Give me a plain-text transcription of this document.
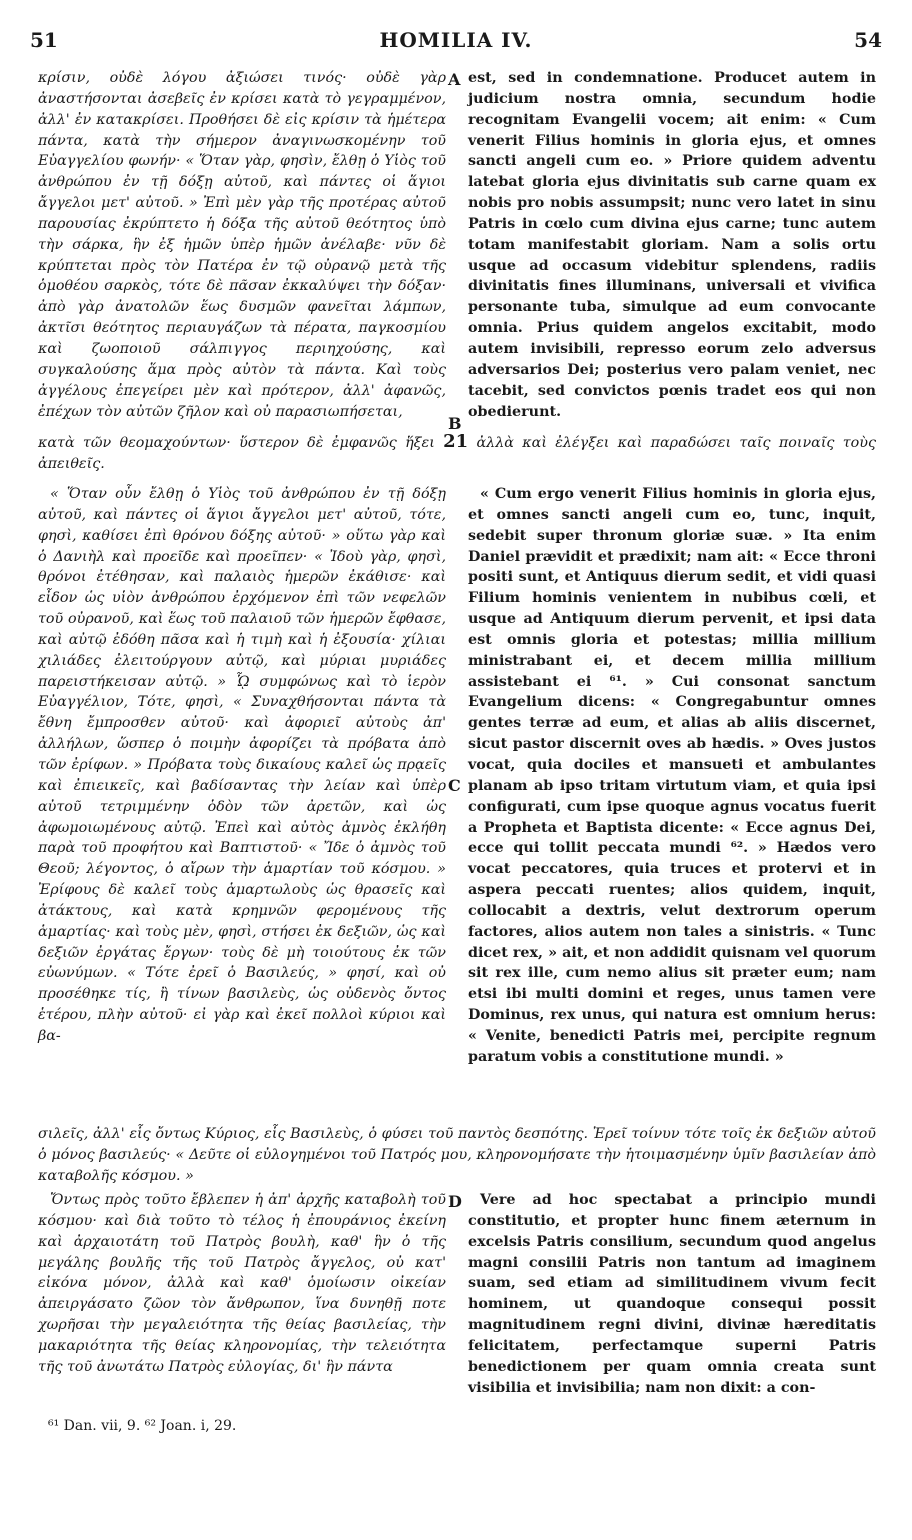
51	HOMILIA IV.	54

κρίσιν, οὐδὲ λόγου ἀξιώσει τινός· οὐδὲ γὰρ ἀναστήσονται ἀσεβεῖς ἐν κρίσει κατὰ τὸ γεγραμμένον, ἀλλ' ἐν κατακρίσει. Προθήσει δὲ εἰς κρίσιν τὰ ἡμέτερα πάντα, κατὰ τὴν σήμερον ἀναγινωσκομένην τοῦ Εὐαγγελίου φωνήν· « Ὅταν γὰρ, φησὶν, ἔλθῃ ὁ Υἱὸς τοῦ ἀνθρώπου ἐν τῇ δόξῃ αὐτοῦ, καὶ πάντες οἱ ἅγιοι ἄγγελοι μετ' αὐτοῦ. » Ἐπὶ μὲν γὰρ τῆς προτέρας αὐτοῦ παρουσίας ἐκρύπτετο ἡ δόξα τῆς αὐτοῦ θεότητος ὑπὸ τὴν σάρκα, ἣν ἐξ ἡμῶν ὑπὲρ ἡμῶν ἀνέλαβε· νῦν δὲ κρύπτεται πρὸς τὸν Πατέρα ἐν τῷ οὐρανῷ μετὰ τῆς ὁμοθέου σαρκὸς, τότε δὲ πᾶσαν ἐκκαλύψει τὴν δόξαν· ἀπὸ γὰρ ἀνατολῶν ἕως δυσμῶν φανεῖται λάμπων, ἀκτῖσι θεότητος περιαυγάζων τὰ πέρατα, παγκοσμίου καὶ ζωοποιοῦ σάλπιγγος περιηχούσης, καὶ συγκαλούσης ἅμα πρὸς αὐτὸν τὰ πάντα. Καὶ τοὺς ἀγγέλους ἐπεγείρει μὲν καὶ πρότερον, ἀλλ' ἀφανῶς, ἐπέχων τὸν αὐτῶν ζῆλον καὶ οὐ παρασιωπήσεται,

A est, sed in condemnatione. Producet autem in judicium nostra omnia, secundum hodie recognitam Evangelii vocem; ait enim: « Cum venerit Filius hominis in gloria ejus, et omnes sancti angeli cum eo. » Priore quidem adventu latebat gloria ejus divinitatis sub carne quam ex nobis pro nobis assumpsit; nunc vero latet in sinu Patris in cœlo cum divina ejus carne; tunc autem totam manifestabit gloriam. Nam a solis ortu usque ad occasum videbitur splendens, radiis divinitatis fines illuminans, universali et vivifica personante tuba, simulque ad eum convocante omnia. Prius quidem angelos excitabit, modo autem invisibili, represso eorum zelo adversus adversarios Dei; posterius vero palam veniet, nec tacebit, sed convictos pœnis tradet eos qui non obedierunt.

B
κατὰ τῶν θεομαχούντων· ὕστερον δὲ ἐμφανῶς ἥξει 21 ἀλλὰ καὶ ἐλέγξει καὶ παραδώσει ταῖς ποιναῖς τοὺς ἀπειθεῖς.

« Ὅταν οὖν ἔλθῃ ὁ Υἱὸς τοῦ ἀνθρώπου ἐν τῇ δόξῃ αὐτοῦ, καὶ πάντες οἱ ἅγιοι ἄγγελοι μετ' αὐτοῦ, τότε, φησὶ, καθίσει ἐπὶ θρόνου δόξης αὐτοῦ· » οὕτω γὰρ καὶ ὁ Δανιὴλ καὶ προεῖδε καὶ προεῖπεν· « Ἰδοὺ γὰρ, φησὶ, θρόνοι ἐτέθησαν, καὶ παλαιὸς ἡμερῶν ἐκάθισε· καὶ εἶδον ὡς υἱὸν ἀνθρώπου ἐρχόμενον ἐπὶ τῶν νεφελῶν τοῦ οὐρανοῦ, καὶ ἕως τοῦ παλαιοῦ τῶν ἡμερῶν ἔφθασε, καὶ αὐτῷ ἐδόθη πᾶσα καὶ ἡ τιμὴ καὶ ἡ ἐξουσία· χίλιαι χιλιάδες ἐλειτούργουν αὐτῷ, καὶ μύριαι μυριάδες παρειστήκεισαν αὐτῷ. » ᾯ συμφώνως καὶ τὸ ἱερὸν Εὐαγγέλιον, Τότε, φησὶ, « Συναχθήσονται πάντα τὰ ἔθνη ἔμπροσθεν αὐτοῦ· καὶ ἀφοριεῖ αὐτοὺς ἀπ' ἀλλήλων, ὥσπερ ὁ ποιμὴν ἀφορίζει τὰ πρόβατα ἀπὸ τῶν ἐρίφων. » Πρόβατα τοὺς δικαίους καλεῖ ὡς πρᾳεῖς καὶ ἐπιεικεῖς, καὶ βαδίσαντας τὴν λείαν καὶ ὑπὲρ αὐτοῦ τετριμμένην ὁδὸν τῶν ἀρετῶν, καὶ ὡς ἀφωμοιωμένους αὐτῷ. Ἐπεὶ καὶ αὐτὸς ἀμνὸς ἐκλήθη παρὰ τοῦ προφήτου καὶ Βαπτιστοῦ· « Ἴδε ὁ ἀμνὸς τοῦ Θεοῦ; λέγοντος, ὁ αἴρων τὴν ἁμαρτίαν τοῦ κόσμου. » Ἐρίφους δὲ καλεῖ τοὺς ἁμαρτωλοὺς ὡς θρασεῖς καὶ ἀτάκτους, καὶ κατὰ κρημνῶν φερομένους τῆς ἁμαρτίας· καὶ τοὺς μὲν, φησὶ, στήσει ἐκ δεξιῶν, ὡς καὶ δεξιῶν ἐργάτας ἔργων· τοὺς δὲ μὴ τοιούτους ἐκ τῶν εὐωνύμων. « Τότε ἐρεῖ ὁ Βασιλεύς, » φησί, καὶ οὐ προσέθηκε τίς, ἢ τίνων βασιλεὺς, ὡς οὐδενὸς ὄντος ἑτέρου, πλὴν αὐτοῦ· εἰ γὰρ καὶ ἐκεῖ πολλοὶ κύριοι καὶ βα-

C

« Cum ergo venerit Filius hominis in gloria ejus, et omnes sancti angeli cum eo, tunc, inquit, sedebit super thronum gloriæ suæ. » Ita enim Daniel prævidit et prædixit; nam ait: « Ecce throni positi sunt, et Antiquus dierum sedit, et vidi quasi Filium hominis venientem in nubibus cœli, et usque ad Antiquum dierum pervenit, et ipsi data est omnis gloria et potestas; millia millium ministrabant ei, et decem millia millium assistebant ei ⁶¹. » Cui consonat sanctum Evangelium dicens: « Congregabuntur omnes gentes terræ ad eum, et alias ab aliis discernet, sicut pastor discernit oves ab hædis. » Oves justos vocat, quia dociles et mansueti et ambulantes planam ab ipso tritam virtutum viam, et quia ipsi configurati, cum ipse quoque agnus vocatus fuerit a Propheta et Baptista dicente: « Ecce agnus Dei, ecce qui tollit peccata mundi ⁶². » Hædos vero vocat peccatores, quia truces et protervi et in aspera peccati ruentes; alios quidem, inquit, collocabit a dextris, velut dextrorum operum factores, alios autem non tales a sinistris. « Tunc dicet rex, » ait, et non addidit quisnam vel quorum sit rex ille, cum nemo alius sit præter eum; nam etsi ibi multi domini et reges, unus tamen vere Dominus, rex unus, qui natura est omnium herus: « Venite, benedicti Patris mei, percipite regnum paratum vobis a constitutione mundi. »

σιλεῖς, ἀλλ' εἷς ὄντως Κύριος, εἷς Βασιλεὺς, ὁ φύσει τοῦ παντὸς δεσπότης. Ἐρεῖ τοίνυν τότε τοῖς ἐκ δεξιῶν αὐτοῦ ὁ μόνος βασιλεύς· « Δεῦτε οἱ εὐλογημένοι τοῦ Πατρός μου, κληρονομήσατε τὴν ἡτοιμασμένην ὑμῖν βασιλείαν ἀπὸ καταβολῆς κόσμου. »

Ὄντως πρὸς τοῦτο ἔβλεπεν ἡ ἀπ' ἀρχῆς καταβολὴ τοῦ κόσμου· καὶ διὰ τοῦτο τὸ τέλος ἡ ἐπουράνιος ἐκείνη καὶ ἀρχαιοτάτη τοῦ Πατρὸς βουλὴ, καθ' ἣν ὁ τῆς μεγάλης βουλῆς τῆς τοῦ Πατρὸς ἄγγελος, οὐ κατ' εἰκόνα μόνον, ἀλλὰ καὶ καθ' ὁμοίωσιν οἰκείαν ἀπειργάσατο ζῶον τὸν ἄνθρωπον, ἵνα δυνηθῇ ποτε χωρῆσαι τὴν μεγαλειότητα τῆς θείας βασιλείας, τὴν μακαριότητα τῆς θείας κληρονομίας, τὴν τελειότητα τῆς τοῦ ἀνωτάτω Πατρὸς εὐλογίας, δι' ἣν πάντα

D	Vere ad hoc spectabat a principio mundi constitutio, et propter hunc finem æternum in excelsis Patris consilium, secundum quod angelus magni consilii Patris non tantum ad imaginem suam, sed etiam ad similitudinem vivum fecit hominem, ut quandoque consequi possit magnitudinem regni divini, divinæ hæreditatis felicitatem, perfectamque superni Patris benedictionem per quam omnia creata sunt visibilia et invisibilia; nam non dixit: a con-

⁶¹ Dan. vii, 9. ⁶² Joan. i, 29.
